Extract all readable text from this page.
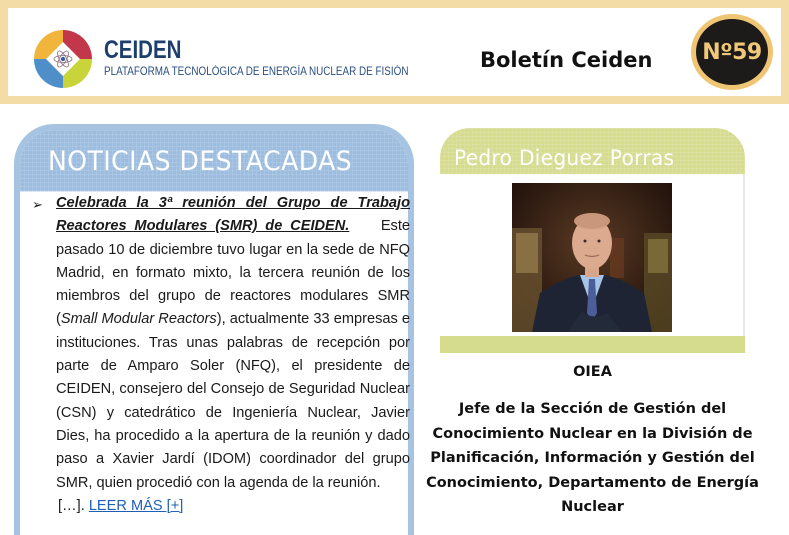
CEIDEN
PLATAFORMA TECNOLÓGICA DE ENERGÍA NUCLEAR DE FISIÓN	Boletín Ceiden Nº59
NOTICIAS DESTACADAS
➢ Celebrada la 3ª reunión del Grupo de Trabajo Reactores Modulares (SMR) de CEIDEN. Este pasado 10 de diciembre tuvo lugar en la sede de NFQ Madrid, en formato mixto, la tercera reunión de los miembros del grupo de reactores modulares SMR (Small Modular Reactors), actualmente 33 empresas e instituciones. Tras unas palabras de recepción por parte de Amparo Soler (NFQ), el presidente de CEIDEN, consejero del Consejo de Seguridad Nuclear (CSN) y catedrático de Ingeniería Nuclear, Javier Dies, ha procedido a la apertura de la reunión y dado paso a Xavier Jardí (IDOM) coordinador del grupo SMR, quien procedió con la agenda de la reunión.
[…]. LEER MÁS [+]
Pedro Dieguez Porras
OIEA
Jefe de la Sección de Gestión del Conocimiento Nuclear en la División de Planificación, Información y Gestión del Conocimiento, Departamento de Energía Nuclear
